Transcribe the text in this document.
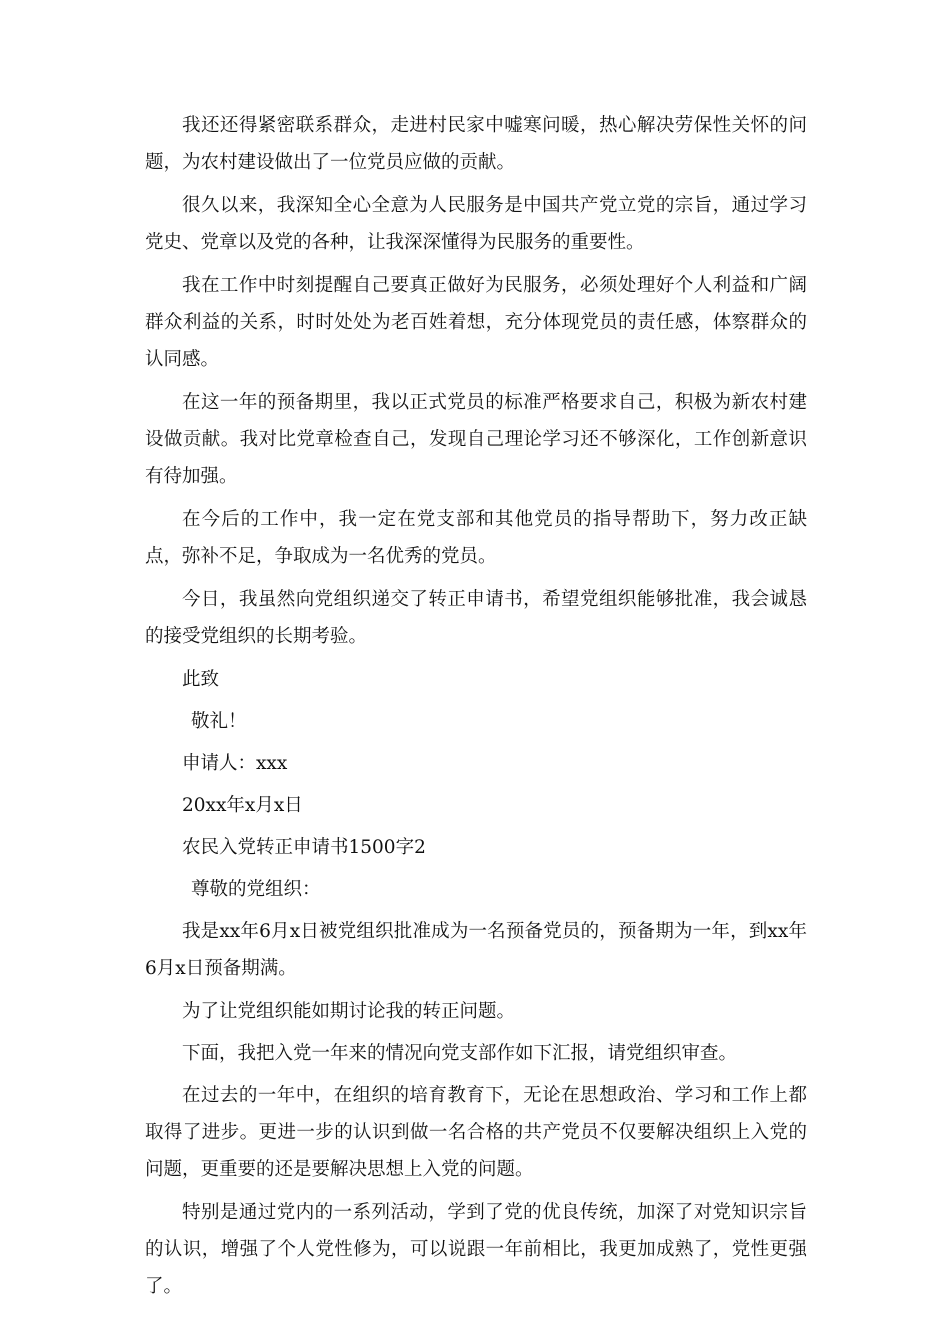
我还还得紧密联系群众，走进村民家中嘘寒问暖，热心解决劳保性关怀的问题，为农村建设做出了一位党员应做的贡献。

很久以来，我深知全心全意为人民服务是中国共产党立党的宗旨，通过学习党史、党章以及党的各种，让我深深懂得为民服务的重要性。

我在工作中时刻提醒自己要真正做好为民服务，必须处理好个人利益和广阔群众利益的关系，时时处处为老百姓着想，充分体现党员的责任感，体察群众的认同感。

在这一年的预备期里，我以正式党员的标准严格要求自己，积极为新农村建设做贡献。我对比党章检查自己，发现自己理论学习还不够深化，工作创新意识有待加强。

在今后的工作中，我一定在党支部和其他党员的指导帮助下，努力改正缺点，弥补不足，争取成为一名优秀的党员。

今日，我虽然向党组织递交了转正申请书，希望党组织能够批准，我会诚恳的接受党组织的长期考验。

此致

敬礼！

申请人：xxx

20xx年x月x日

农民入党转正申请书1500字2

尊敬的党组织：

我是xx年6月x日被党组织批准成为一名预备党员的，预备期为一年，到xx年6月x日预备期满。

为了让党组织能如期讨论我的转正问题。

下面，我把入党一年来的情况向党支部作如下汇报，请党组织审查。

在过去的一年中，在组织的培育教育下，无论在思想政治、学习和工作上都取得了进步。更进一步的认识到做一名合格的共产党员不仅要解决组织上入党的问题，更重要的还是要解决思想上入党的问题。

特别是通过党内的一系列活动，学到了党的优良传统，加深了对党知识宗旨的认识，增强了个人党性修为，可以说跟一年前相比，我更加成熟了，党性更强了。
